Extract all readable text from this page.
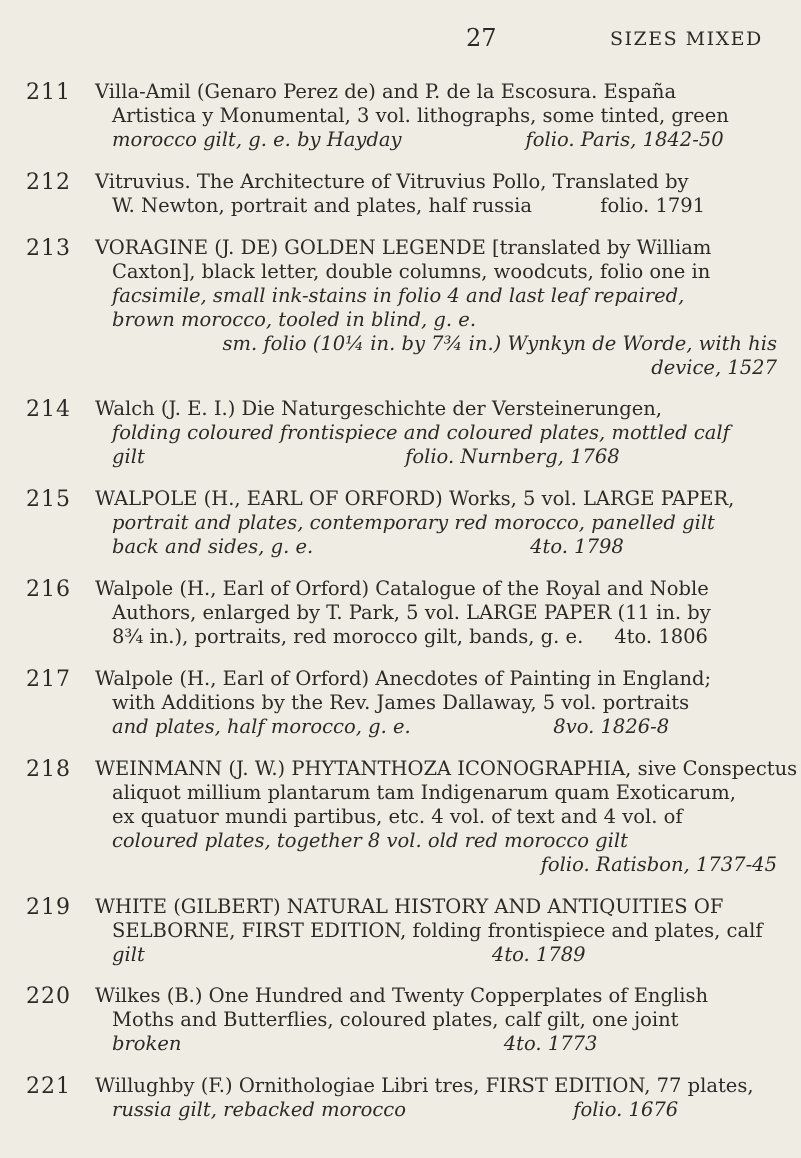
27	SIZES MIXED
211 Villa-Amil (Genaro Perez de) and P. de la Escosura. España
Artistica y Monumental, 3 vol. lithographs, some tinted, green
morocco gilt, g. e. by Hayday                    folio. Paris, 1842-50
212 Vitruvius. The Architecture of Vitruvius Pollo, Translated by
W. Newton, portrait and plates, half russia           folio. 1791
213 VORAGINE (J. DE) GOLDEN LEGENDE [translated by William
Caxton], black letter, double columns, woodcuts, folio one in
facsimile, small ink-stains in folio 4 and last leaf repaired,
brown morocco, tooled in blind, g. e.
sm. folio (10¼ in. by 7¾ in.) Wynkyn de Worde, with his
device, 1527
214 Walch (J. E. I.) Die Naturgeschichte der Versteinerungen,
folding coloured frontispiece and coloured plates, mottled calf
gilt                                          folio. Nurnberg, 1768
215 WALPOLE (H., EARL OF ORFORD) Works, 5 vol. LARGE PAPER,
portrait and plates, contemporary red morocco, panelled gilt
back and sides, g. e.                                   4to. 1798
216 Walpole (H., Earl of Orford) Catalogue of the Royal and Noble
Authors, enlarged by T. Park, 5 vol. LARGE PAPER (11 in. by
8¾ in.), portraits, red morocco gilt, bands, g. e.     4to. 1806
217 Walpole (H., Earl of Orford) Anecdotes of Painting in England;
with Additions by the Rev. James Dallaway, 5 vol. portraits
and plates, half morocco, g. e.                       8vo. 1826-8
218 WEINMANN (J. W.) PHYTANTHOZA ICONOGRAPHIA, sive Conspectus
aliquot millium plantarum tam Indigenarum quam Exoticarum,
ex quatuor mundi partibus, etc. 4 vol. of text and 4 vol. of
coloured plates, together 8 vol. old red morocco gilt
folio. Ratisbon, 1737-45
219 WHITE (GILBERT) NATURAL HISTORY AND ANTIQUITIES OF
SELBORNE, FIRST EDITION, folding frontispiece and plates, calf
gilt                                                        4to. 1789
220 Wilkes (B.) One Hundred and Twenty Copperplates of English
Moths and Butterflies, coloured plates, calf gilt, one joint
broken                                                    4to. 1773
221 Willughby (F.) Ornithologiae Libri tres, FIRST EDITION, 77 plates,
russia gilt, rebacked morocco                           folio. 1676
